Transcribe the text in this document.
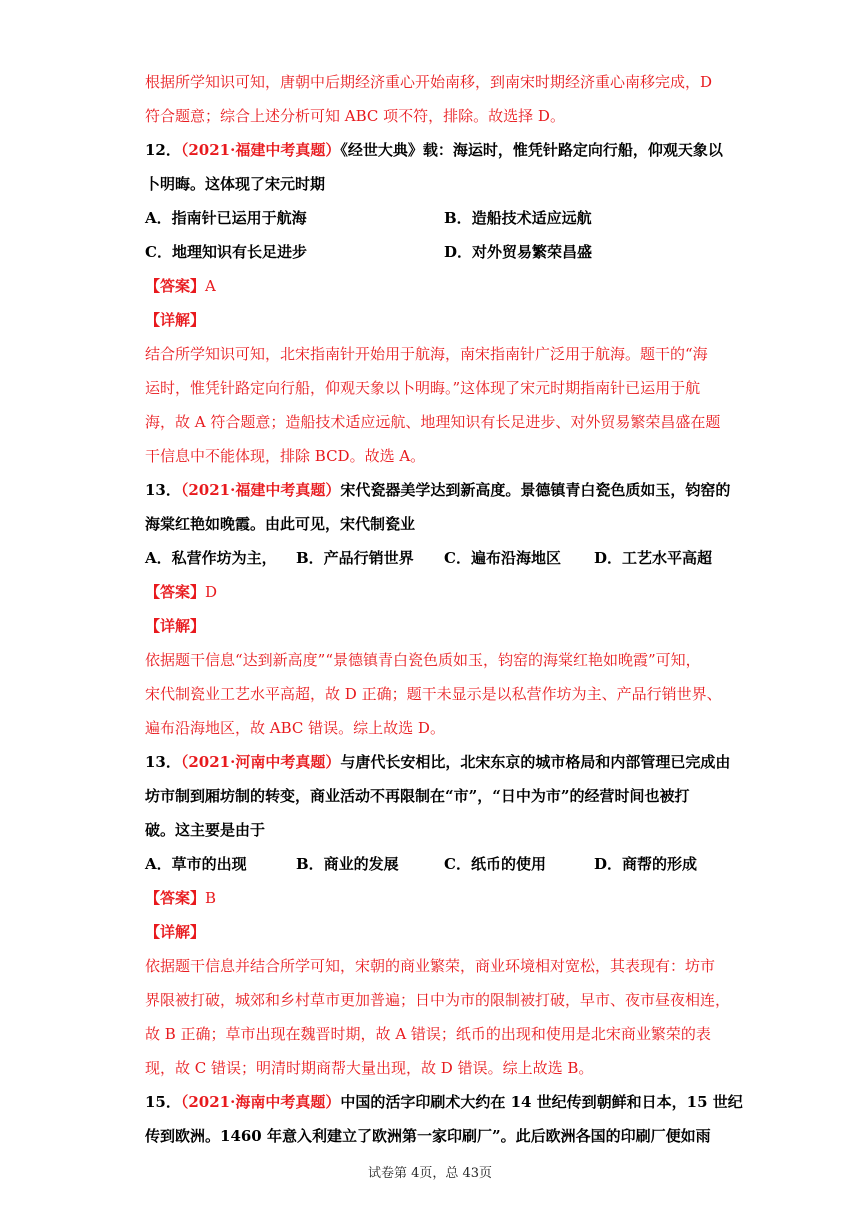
根据所学知识可知，唐朝中后期经济重心开始南移，到南宋时期经济重心南移完成，D
符合题意；综合上述分析可知 ABC 项不符，排除。故选择 D。
12．（2021·福建中考真题）《经世大典》载：海运时，惟凭针路定向行船，仰观天象以
卜明晦。这体现了宋元时期
A．指南针已运用于航海	B．造船技术适应远航
C．地理知识有长足进步	D．对外贸易繁荣昌盛
【答案】A
【详解】
结合所学知识可知，北宋指南针开始用于航海，南宋指南针广泛用于航海。题干的“海
运时，惟凭针路定向行船，仰观天象以卜明晦。”这体现了宋元时期指南针已运用于航
海，故 A 符合题意；造船技术适应远航、地理知识有长足进步、对外贸易繁荣昌盛在题
干信息中不能体现，排除 BCD。故选 A。
13．（2021·福建中考真题）宋代瓷器美学达到新高度。景德镇青白瓷色质如玉，钧窑的
海棠红艳如晚霞。由此可见，宋代制瓷业
A．私营作坊为主， B．产品行销世界 C．遍布沿海地区 D．工艺水平高超
【答案】D
【详解】
依据题干信息“达到新高度”“景德镇青白瓷色质如玉，钧窑的海棠红艳如晚霞”可知，
宋代制瓷业工艺水平高超，故 D 正确；题干未显示是以私营作坊为主、产品行销世界、
遍布沿海地区，故 ABC 错误。综上故选 D。
13．（2021·河南中考真题）与唐代长安相比，北宋东京的城市格局和内部管理已完成由
坊市制到厢坊制的转变，商业活动不再限制在“市”，“日中为市”的经营时间也被打
破。这主要是由于
A．草市的出现	B．商业的发展	C．纸币的使用	D．商帮的形成
【答案】B
【详解】
依据题干信息并结合所学可知，宋朝的商业繁荣，商业环境相对宽松，其表现有：坊市
界限被打破，城郊和乡村草市更加普遍；日中为市的限制被打破，早市、夜市昼夜相连，
故 B 正确；草市出现在魏晋时期，故 A 错误；纸币的出现和使用是北宋商业繁荣的表
现，故 C 错误；明清时期商帮大量出现，故 D 错误。综上故选 B。
15．（2021·海南中考真题）中国的活字印刷术大约在 14 世纪传到朝鲜和日本，15 世纪
传到欧洲。1460 年意入利建立了欧洲第一家印刷厂”。此后欧洲各国的印刷厂便如雨
试卷第 4页，总 43页
